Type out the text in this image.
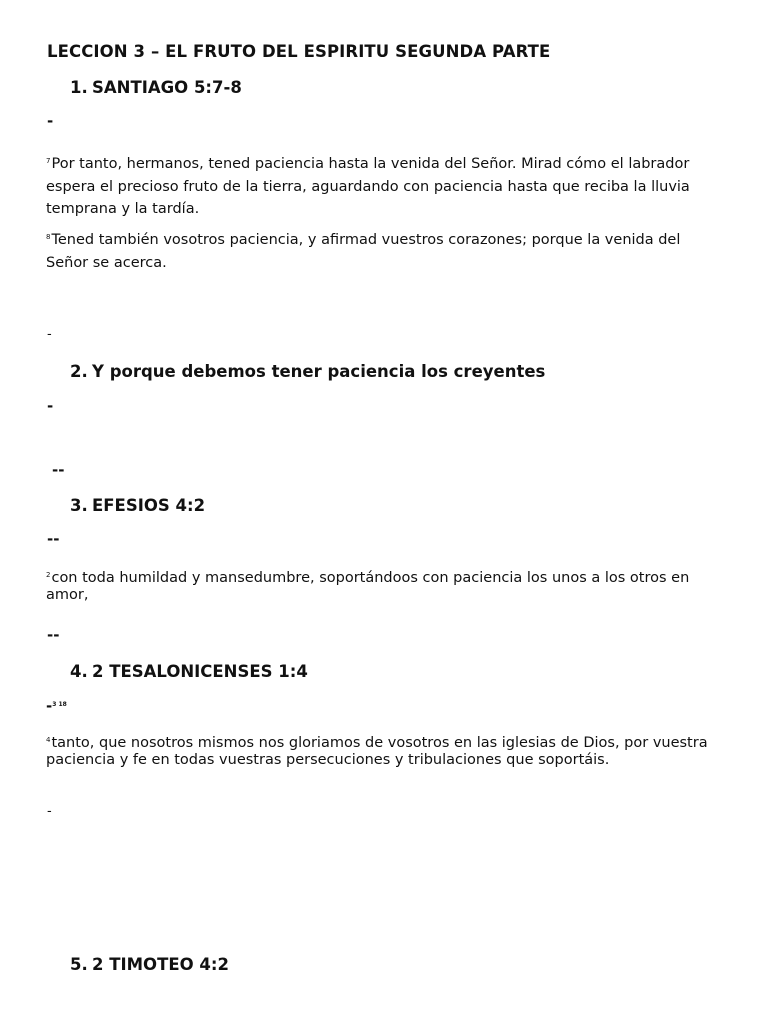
LECCION 3 – EL FRUTO DEL ESPIRITU SEGUNDA PARTE

1. SANTIAGO 5:7-8
-

$^7$Por tanto, hermanos, tened paciencia hasta la venida del Señor. Mirad cómo el labrador espera el precioso fruto de la tierra, aguardando con paciencia hasta que reciba la lluvia temprana y la tardía.

$^8$Tened también vosotros paciencia, y afirmad vuestros corazones; porque la venida del Señor se acerca.

-
2. Y porque debemos tener paciencia los creyentes
-
--
3. EFESIOS 4:2
--

$^2$con toda humildad y mansedumbre, soportándoos con paciencia los unos a los otros en amor,

--
4. 2 TESALONICENSES 1:4
-$^{3 18}$

$^4$tanto, que nosotros mismos nos gloriamos de vosotros en las iglesias de Dios, por vuestra paciencia y fe en todas vuestras persecuciones y tribulaciones que soportáis.

-
5. 2 TIMOTEO 4:2
